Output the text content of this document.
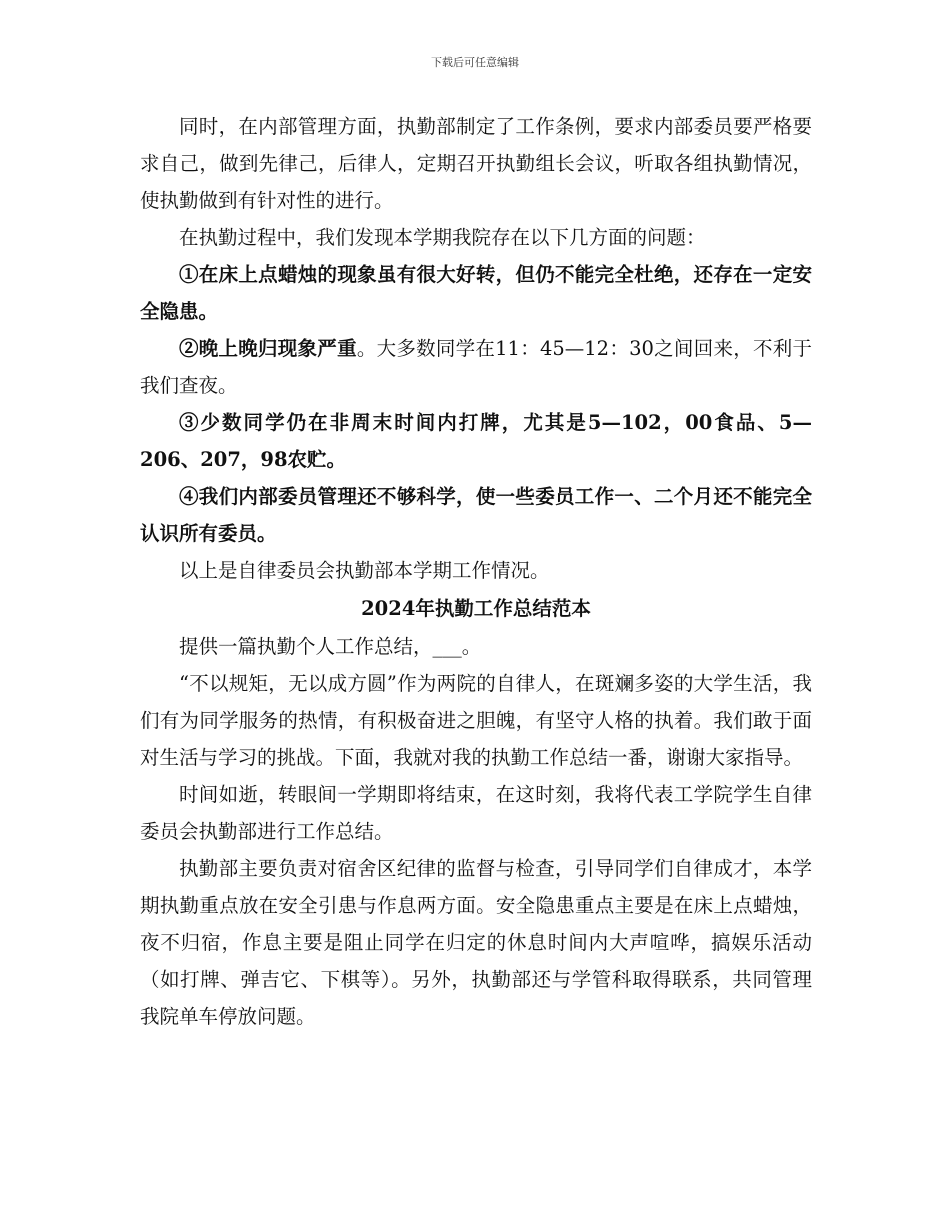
下载后可任意编辑

同时，在内部管理方面，执勤部制定了工作条例，要求内部委员要严格要求自己，做到先律己，后律人，定期召开执勤组长会议，听取各组执勤情况，使执勤做到有针对性的进行。

在执勤过程中，我们发现本学期我院存在以下几方面的问题：

①在床上点蜡烛的现象虽有很大好转，但仍不能完全杜绝，还存在一定安全隐患。

②晚上晚归现象严重。大多数同学在11：45—12：30之间回来，不利于我们查夜。

③少数同学仍在非周末时间内打牌，尤其是5—102，00食品、5—206、207，98农贮。

④我们内部委员管理还不够科学，使一些委员工作一、二个月还不能完全认识所有委员。

以上是自律委员会执勤部本学期工作情况。

2024年执勤工作总结范本

提供一篇执勤个人工作总结，___。

“不以规矩，无以成方圆”作为两院的自律人，在斑斓多姿的大学生活，我们有为同学服务的热情，有积极奋进之胆魄，有坚守人格的执着。我们敢于面对生活与学习的挑战。下面，我就对我的执勤工作总结一番，谢谢大家指导。

时间如逝，转眼间一学期即将结束，在这时刻，我将代表工学院学生自律委员会执勤部进行工作总结。

执勤部主要负责对宿舍区纪律的监督与检查，引导同学们自律成才，本学期执勤重点放在安全引患与作息两方面。安全隐患重点主要是在床上点蜡烛，夜不归宿，作息主要是阻止同学在归定的休息时间内大声喧哗，搞娱乐活动（如打牌、弹吉它、下棋等）。另外，执勤部还与学管科取得联系，共同管理我院单车停放问题。
